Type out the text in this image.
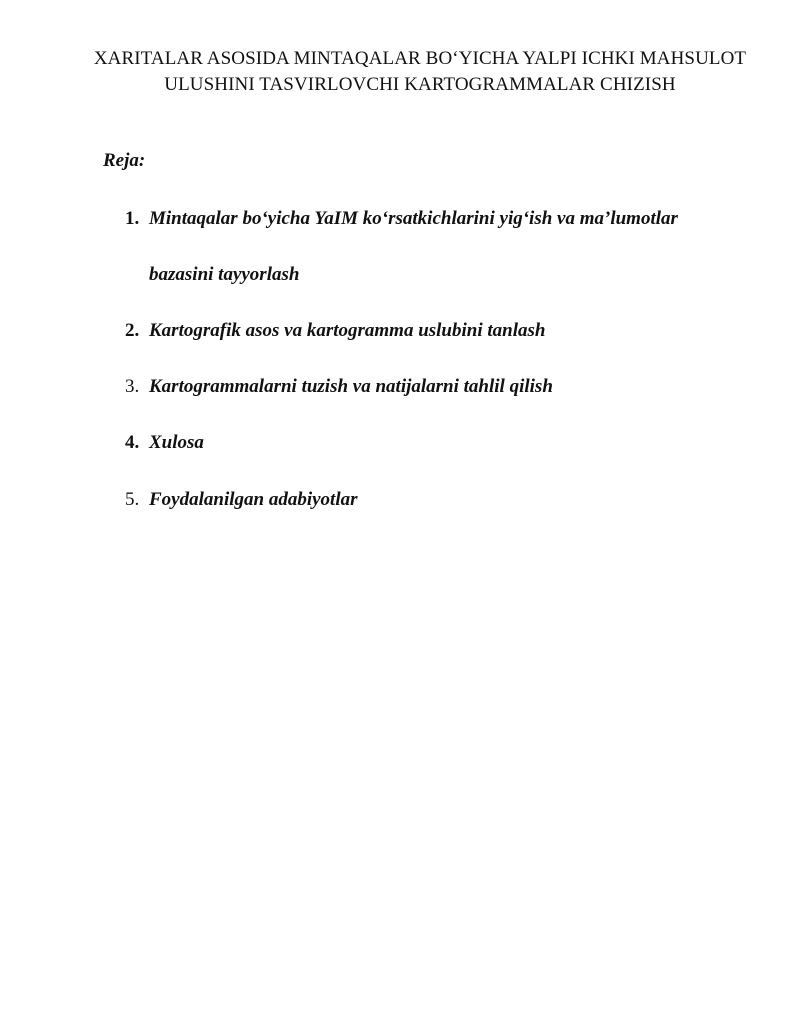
XARITALAR ASOSIDA MINTAQALAR BO‘YICHA YALPI ICHKI MAHSULOT
ULUSHINI TASVIRLOVCHI KARTOGRAMMALAR CHIZISH

Reja:

1. Mintaqalar bo‘yicha YaIM ko‘rsatkichlarini yig‘ish va ma’lumotlar
bazasini tayyorlash
2. Kartografik asos va kartogramma uslubini tanlash
3. Kartogrammalarni tuzish va natijalarni tahlil qilish
4. Xulosa
5. Foydalanilgan adabiyotlar
